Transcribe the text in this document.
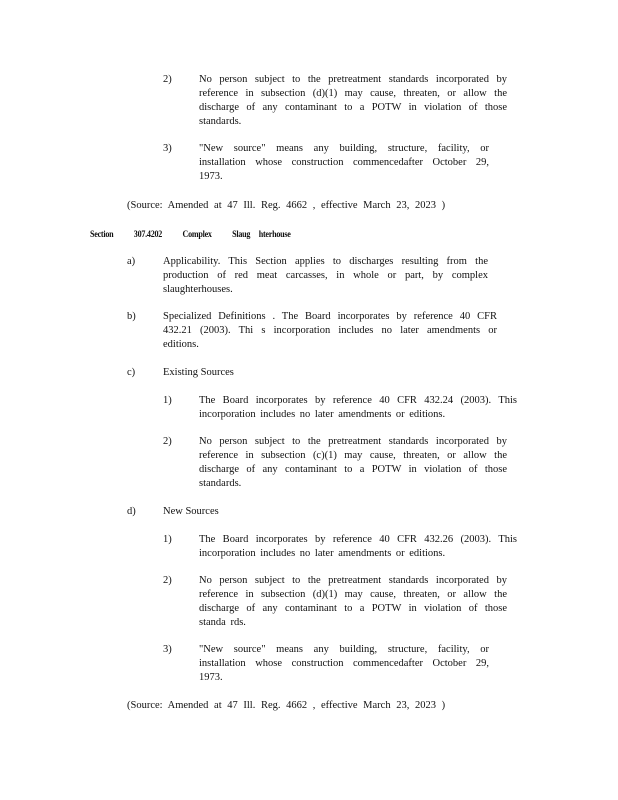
2)	No person subject to the pretreatment standards incorporated by reference in subsection (d)(1) may cause, threaten, or allow the discharge of any contaminant to a POTW in violation of those standards.
3)	"New source" means any building, structure, facility, or installation whose construction commencedafter October 29, 1973.
(Source: Amended at 47 Ill. Reg. 4662 , effective March 23, 2023 )
Section 307.4202 Complex Slaug hterhouse
a)	Applicability. This Section applies to discharges resulting from the production of red meat carcasses, in whole or part, by complex slaughterhouses.
b)	Specialized Definitions . The Board incorporates by reference 40 CFR 432.21 (2003). Thi s incorporation includes no later amendments or editions.
c)	Existing Sources
1)	The Board incorporates by reference 40 CFR 432.24 (2003). This incorporation includes no later amendments or editions.
2)	No person subject to the pretreatment standards incorporated by reference in subsection (c)(1) may cause, threaten, or allow the discharge of any contaminant to a POTW in violation of those standards.
d)	New Sources
1)	The Board incorporates by reference 40 CFR 432.26 (2003). This incorporation includes no later amendments or editions.
2)	No person subject to the pretreatment standards incorporated by reference in subsection (d)(1) may cause, threaten, or allow the discharge of any contaminant to a POTW in violation of those standa rds.
3)	"New source" means any building, structure, facility, or installation whose construction commencedafter October 29, 1973.
(Source: Amended at 47 Ill. Reg. 4662 , effective March 23, 2023 )
